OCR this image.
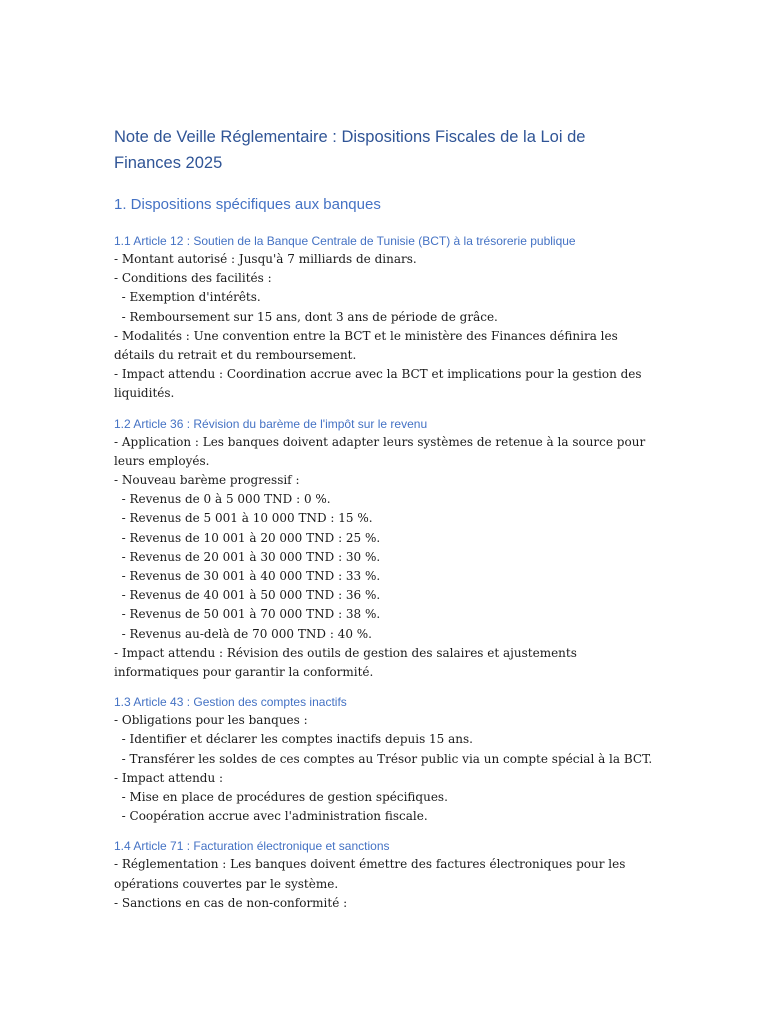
Note de Veille Réglementaire : Dispositions Fiscales de la Loi de Finances 2025
1. Dispositions spécifiques aux banques
1.1 Article 12 : Soutien de la Banque Centrale de Tunisie (BCT) à la trésorerie publique

- Montant autorisé : Jusqu'à 7 milliards de dinars.

- Conditions des facilités :

- Exemption d'intérêts.

- Remboursement sur 15 ans, dont 3 ans de période de grâce.

- Modalités : Une convention entre la BCT et le ministère des Finances définira les détails du retrait et du remboursement.

- Impact attendu : Coordination accrue avec la BCT et implications pour la gestion des liquidités.

1.2 Article 36 : Révision du barème de l'impôt sur le revenu

- Application : Les banques doivent adapter leurs systèmes de retenue à la source pour leurs employés.

- Nouveau barème progressif :

- Revenus de 0 à 5 000 TND : 0 %.

- Revenus de 5 001 à 10 000 TND : 15 %.

- Revenus de 10 001 à 20 000 TND : 25 %.

- Revenus de 20 001 à 30 000 TND : 30 %.

- Revenus de 30 001 à 40 000 TND : 33 %.

- Revenus de 40 001 à 50 000 TND : 36 %.

- Revenus de 50 001 à 70 000 TND : 38 %.

- Revenus au-delà de 70 000 TND : 40 %.

- Impact attendu : Révision des outils de gestion des salaires et ajustements informatiques pour garantir la conformité.

1.3 Article 43 : Gestion des comptes inactifs

- Obligations pour les banques :

- Identifier et déclarer les comptes inactifs depuis 15 ans.

- Transférer les soldes de ces comptes au Trésor public via un compte spécial à la BCT.

- Impact attendu :

- Mise en place de procédures de gestion spécifiques.

- Coopération accrue avec l'administration fiscale.

1.4 Article 71 : Facturation électronique et sanctions

- Réglementation : Les banques doivent émettre des factures électroniques pour les opérations couvertes par le système.

- Sanctions en cas de non-conformité :
